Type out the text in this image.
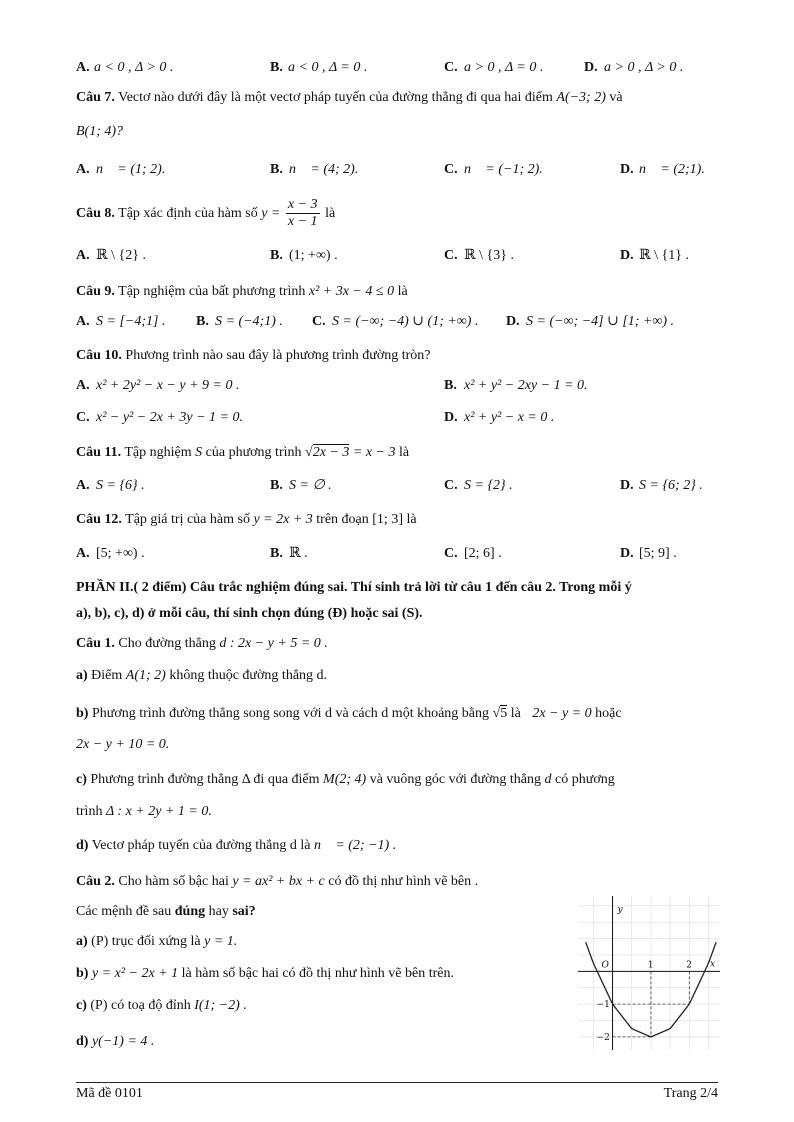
A. a < 0 , Δ > 0 .	B. a < 0 , Δ = 0 .	C. a > 0 , Δ = 0 .	D. a > 0 , Δ > 0 .
Câu 7. Vectơ nào dưới đây là một vectơ pháp tuyến của đường thẳng đi qua hai điểm A(−3; 2) và
B(1; 4)?
A. n⃗ = (1; 2).	B. n⃗ = (4; 2).	C. n⃗ = (−1; 2).	D. n⃗ = (2;1).
Câu 8. Tập xác định của hàm số $y = \frac{x - 3}{x - 1}$ là
A. ℝ \ {2} .	B. (1; +∞) .	C. ℝ \ {3} .	D. ℝ \ {1} .
Câu 9. Tập nghiệm của bất phương trình x² + 3x − 4 ≤ 0 là
A. S = [−4;1] . B. S = (−4;1) . C. S = (−∞; −4) ∪ (1; +∞) . D. S = (−∞; −4] ∪ [1; +∞) .
Câu 10. Phương trình nào sau đây là phương trình đường tròn?
A. x² + 2y² − x − y + 9 = 0 .	B. x² + y² − 2xy − 1 = 0.
C. x² − y² − 2x + 3y − 1 = 0.	D. x² + y² − x = 0 .
Câu 11. Tập nghiệm S của phương trình √2x − 3 = x − 3 là
A. S = {6} .	B. S = ∅ .	C. S = {2} .	D. S = {6; 2} .
Câu 12. Tập giá trị của hàm số y = 2x + 3 trên đoạn [1; 3] là
A. [5; +∞) .	B. ℝ .	C. [2; 6] .	D. [5; 9] .
PHẦN II.( 2 điểm) Câu trắc nghiệm đúng sai. Thí sinh trả lời từ câu 1 đến câu 2. Trong mỗi ý
a), b), c), d) ở mỗi câu, thí sinh chọn đúng (Đ) hoặc sai (S).
Câu 1. Cho đường thẳng d : 2x − y + 5 = 0 .
a) Điểm A(1; 2) không thuộc đường thẳng d.
b) Phương trình đường thẳng song song với d và cách d một khoảng bằng √5 là 2x − y = 0 hoặc
2x − y + 10 = 0.
c) Phương trình đường thẳng Δ đi qua điểm M(2; 4) và vuông góc với đường thẳng d có phương
trình Δ : x + 2y + 1 = 0.
d) Vectơ pháp tuyến của đường thẳng d là n⃗ = (2; −1) .
Câu 2. Cho hàm số bậc hai y = ax² + bx + c có đồ thị như hình vẽ bên .
Các mệnh đề sau đúng hay sai?
a) (P) trục đối xứng là y = 1.
b) y = x² − 2x + 1 là hàm số bậc hai có đồ thị như hình vẽ bên trên.
c) (P) có toạ độ đỉnh I(1; −2) .
d) y(−1) = 4 .
O	1	2
−1
−2
x
y
Mã đề 0101	Trang 2/4
